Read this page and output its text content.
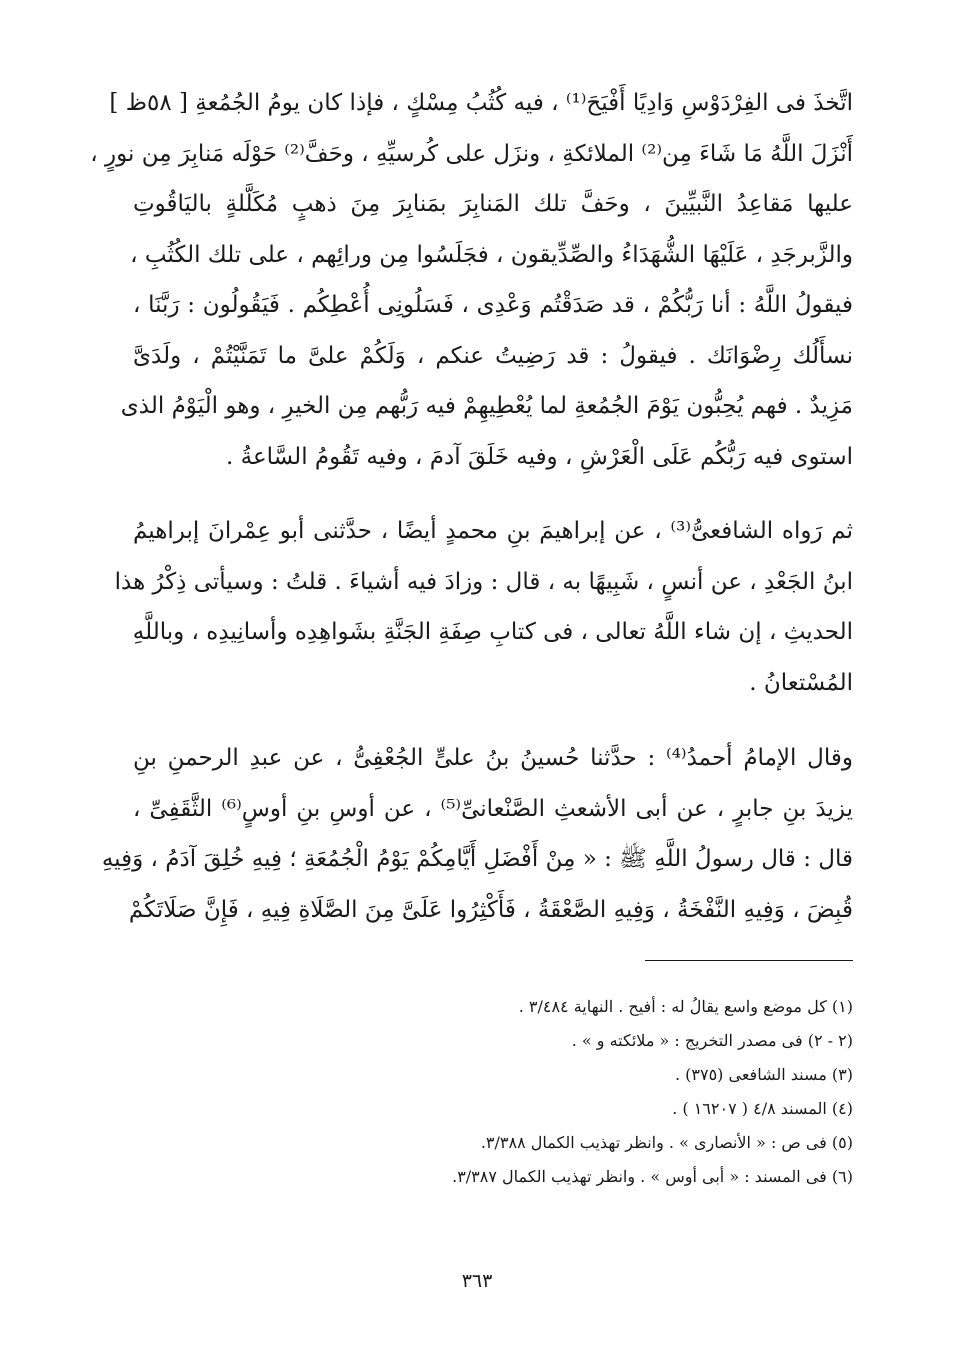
اتَّخذَ فى الفِرْدَوْسِ وَادِيًا أَفْيَحَ⁽¹⁾ ، فيه كُثُبُ مِسْكٍ ، فإذا كان يومُ الجُمُعةِ [ ٥٨ظ ]
أَنْزَلَ اللَّهُ مَا شَاءَ مِن⁽²⁾ الملائكةِ ، ونزَل على كُرسيِّهِ ، وحَفَّ⁽²⁾ حَوْلَه مَنابِرَ مِن نورٍ ،
عليها مَقاعِدُ النَّبيِّينَ ، وحَفَّ تلك المَنابِرَ بمَنابِرَ مِنَ ذهبٍ مُكَلَّلةٍ باليَاقُوتِ
والزَّبرجَدِ ، عَلَيْهَا الشُّهَدَاءُ والصِّدِّيقون ، فجَلَسُوا مِن ورائِهم ، على تلك الكُثُبِ ،
فيقولُ اللَّهُ : أنا رَبُّكُمْ ، قد صَدَقْتُم وَعْدِى ، فَسَلُونِى أُعْطِكُم . فَيَقُولُون : رَبَّنَا ،
نسأَلُك رِضْوَانَك . فيقولُ : قد رَضِيتُ عنكم ، وَلَكُمْ علىَّ ما تَمَنَّيْتُمْ ، ولَدَىَّ
مَزِيدٌ . فهم يُحِبُّون يَوْمَ الجُمُعةِ لما يُعْطِيهِمْ فيه رَبُّهم مِن الخيرِ ، وهو الْيَوْمُ الذى
استوى فيه رَبُّكُم عَلَى الْعَرْشِ ، وفيه خَلَقَ آدمَ ، وفيه تَقُومُ السَّاعةُ .
ثم رَواه الشافعىُّ⁽³⁾ ، عن إبراهيمَ بنِ محمدٍ أيضًا ، حدَّثنى أبو عِمْرانَ إبراهيمُ
ابنُ الجَعْدِ ، عن أنسٍ ، شَبِيهًا به ، قال : وزادَ فيه أشياءَ . قلتُ : وسيأتى ذِكْرُ هذا
الحديثِ ، إن شاء اللَّهُ تعالى ، فى كتابِ صِفَةِ الجَنَّةِ بشَواهِدِه وأسانِيدِه ، وباللَّهِ
المُسْتعانُ .
وقال الإمامُ أحمدُ⁽⁴⁾ : حدَّثنا حُسينُ بنُ علىٍّ الجُعْفِىُّ ، عن عبدِ الرحمنِ بنِ
يزيدَ بنِ جابرٍ ، عن أبى الأشعثِ الصَّنْعانىِّ⁽⁵⁾ ، عن أوسِ بنِ أوسٍ⁽⁶⁾ الثَّقَفِىِّ ،
قال : قال رسولُ اللَّهِ ﷺ : « مِنْ أَفْضَلِ أَيَّامِكُمْ يَوْمُ الْجُمُعَةِ ؛ فِيهِ خُلِقَ آدَمُ ، وَفِيهِ
قُبِضَ ، وَفِيهِ النَّفْخَةُ ، وَفِيهِ الصَّعْقَةُ ، فَأَكْثِرُوا عَلَىَّ مِنَ الصَّلَاةِ فِيهِ ، فَإِنَّ صَلَاتَكُمْ
(١) كل موضع واسع يقالُ له : أفيح . النهاية ٣/٤٨٤ .
(٢ - ٢) فى مصدر التخريج : « ملائكته و » .
(٣) مسند الشافعى (٣٧٥) .
(٤) المسند ٤/٨ ( ١٦٢٠٧ ) .
(٥) فى ص : « الأنصارى » . وانظر تهذيب الكمال ٣/٣٨٨.
(٦) فى المسند : « أبى أوس » . وانظر تهذيب الكمال ٣/٣٨٧.
٣٦٣
